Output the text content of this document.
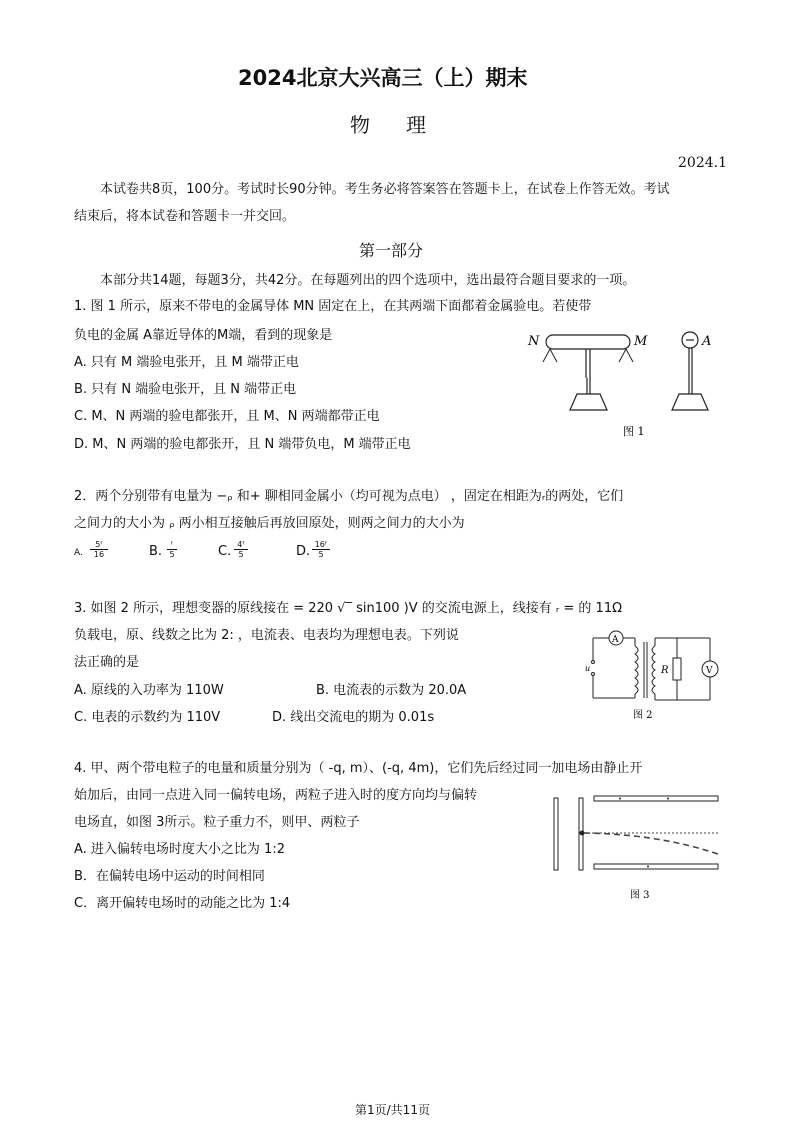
2024北京大兴高三（上）期末
物理
2024.1
本试卷共8页，100分。考试时长90分钟。考生务必将答案答在答题卡上，在试卷上作答无效。考试
结束后，将本试卷和答题卡一并交回。
第一部分
本部分共14题，每题3分，共42分。在每题列出的四个选项中，选出最符合题目要求的一项。
1. 图 1 所示，原来不带电的金属导体 MN 固定在上，在其两端下面都着金属验电。若使带
负电的金属 A靠近导体的M端，看到的现象是
A. 只有 M 端验电张开，且 M 端带正电
B. 只有 N 端验电张开，且 N 端带正电
C. M、N 两端的验电都张开，且 M、N 两端都带正电
D. M、N 两端的验电都张开，且 N 端带负电，M 端带正电
N	M	A
图 1
2．两个分别带有电量为 −ᵨ 和+ 聊相同金属小（均可视为点电） ，固定在相距为ᵣ的两处，它们
之间力的大小为 ᵨ 两小相互接触后再放回原处，则两之间力的大小为
A. $\frac{\text{5ᶠ}}{16}$	B. $\frac{\text{ᶠ}}{5}$	C. $\frac{\text{4ᶠ}}{5}$	D. $\frac{\text{16ᶠ}}{5}$
3. 如图 2 所示，理想变器的原线接在 = 220 √‾ sin100 )V 的交流电源上，线接有 ᵣ = 的 11Ω
负载电，原、线数之比为 2: ，电流表、电表均为理想电表。下列说
法正确的是
A. 原线的入功率为 110W	B. 电流表的示数为 20.0A
C. 电表的示数约为 110V	D. 线出交流电的期为 0.01s
A
u	R	V
图 2
4. 甲、两个带电粒子的电量和质量分别为（ -q, m）、(-q, 4m)，它们先后经过同一加电场由静止开
始加后，由同一点进入同一偏转电场，两粒子进入时的度方向均与偏转
电场直，如图 3所示。粒子重力不，则甲、两粒子
A. 进入偏转电场时度大小之比为 1:2
B．在偏转电场中运动的时间相同
C．离开偏转电场时的动能之比为 1:4
图 3
第1页/共11页
